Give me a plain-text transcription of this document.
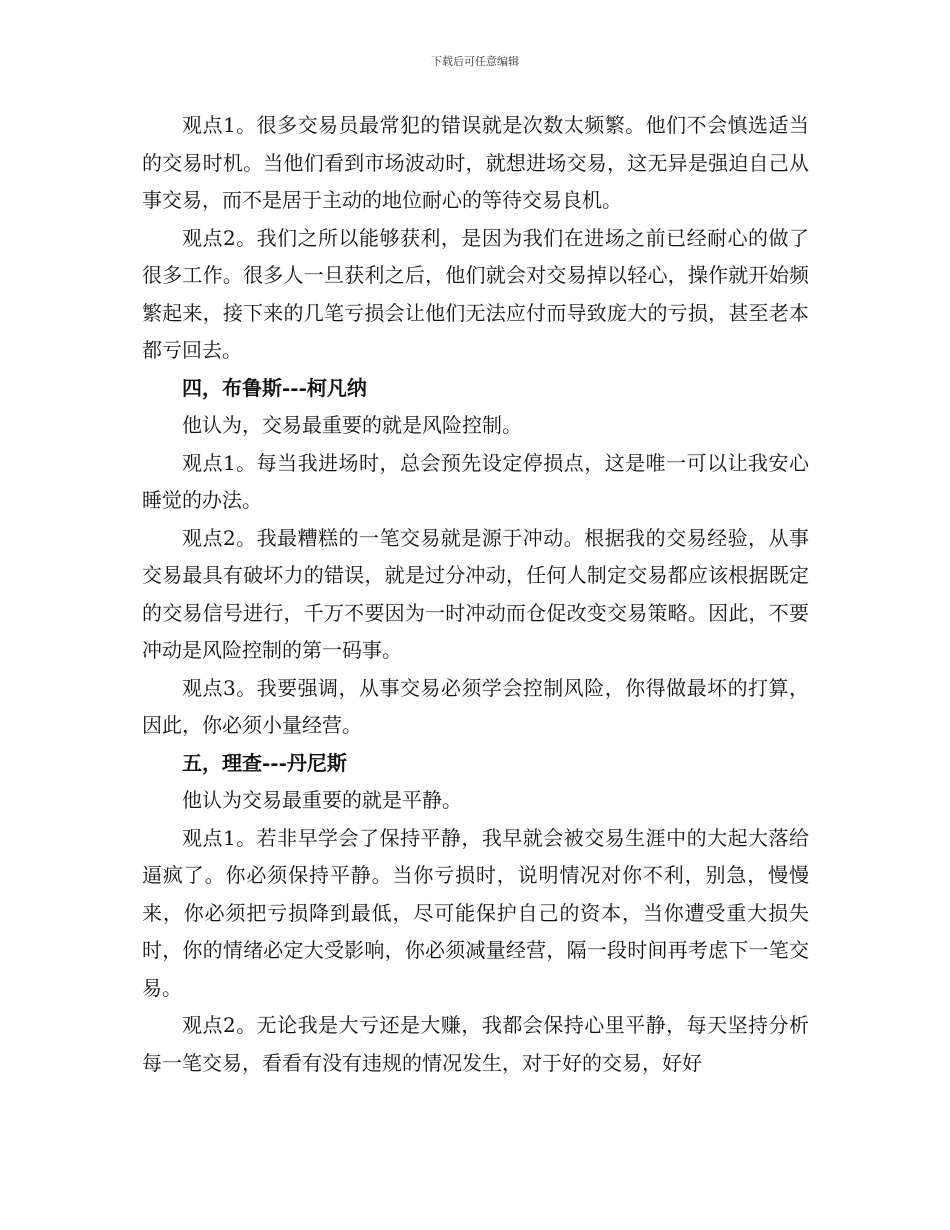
下载后可任意编辑

观点1。很多交易员最常犯的错误就是次数太频繁。他们不会慎选适当的交易时机。当他们看到市场波动时，就想进场交易，这无异是强迫自己从事交易，而不是居于主动的地位耐心的等待交易良机。

观点2。我们之所以能够获利，是因为我们在进场之前已经耐心的做了很多工作。很多人一旦获利之后，他们就会对交易掉以轻心，操作就开始频繁起来，接下来的几笔亏损会让他们无法应付而导致庞大的亏损，甚至老本都亏回去。

四，布鲁斯---柯凡纳

他认为，交易最重要的就是风险控制。

观点1。每当我进场时，总会预先设定停损点，这是唯一可以让我安心睡觉的办法。

观点2。我最糟糕的一笔交易就是源于冲动。根据我的交易经验，从事交易最具有破坏力的错误，就是过分冲动，任何人制定交易都应该根据既定的交易信号进行，千万不要因为一时冲动而仓促改变交易策略。因此，不要冲动是风险控制的第一码事。

观点3。我要强调，从事交易必须学会控制风险，你得做最坏的打算，因此，你必须小量经营。

五，理查---丹尼斯

他认为交易最重要的就是平静。

观点1。若非早学会了保持平静，我早就会被交易生涯中的大起大落给逼疯了。你必须保持平静。当你亏损时，说明情况对你不利，别急，慢慢来，你必须把亏损降到最低，尽可能保护自己的资本，当你遭受重大损失时，你的情绪必定大受影响，你必须减量经营，隔一段时间再考虑下一笔交易。

观点2。无论我是大亏还是大赚，我都会保持心里平静，每天坚持分析每一笔交易，看看有没有违规的情况发生，对于好的交易，好好
